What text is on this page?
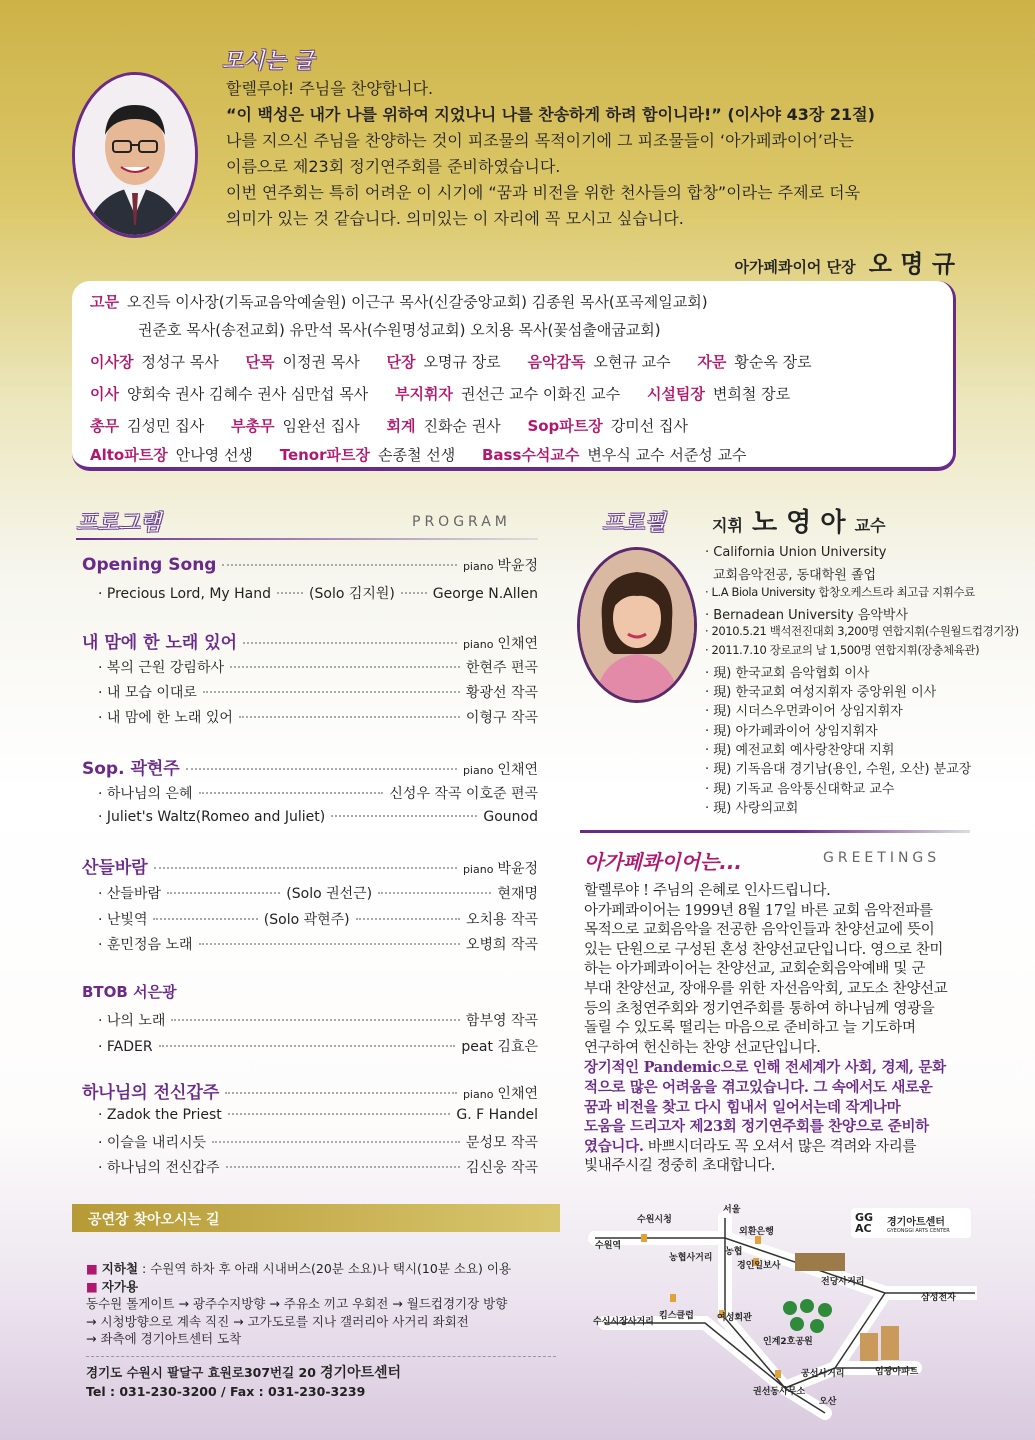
모시는 글

할렐루야! 주님을 찬양합니다.

“이 백성은 내가 나를 위하여 지었나니 나를 찬송하게 하려 함이니라!” (이사야 43장 21절)

나를 지으신 주님을 찬양하는 것이 피조물의 목적이기에 그 피조물들이 ‘아가페콰이어’라는

이름으로 제23회 정기연주회를 준비하였습니다.

이번 연주회는 특히 어려운 이 시기에 “꿈과 비전을 위한 천사들의 합창”이라는 주제로 더욱

의미가 있는 것 같습니다. 의미있는 이 자리에 꼭 모시고 싶습니다.

아가페콰이어 단장 오 명 규
고문 오진득 이사장(기독교음악예술원) 이근구 목사(신갈중앙교회) 김종원 목사(포곡제일교회)
권준호 목사(송전교회) 유만석 목사(수원명성교회) 오치용 목사(꽃섬출애굽교회)
이사장 정성구 목사 단목 이정권 목사 단장 오명규 장로 음악감독 오현규 교수 자문 황순옥 장로
이사 양회숙 권사 김혜수 권사 심만섭 목사 부지휘자 권선근 교수 이화진 교수 시설팀장 변희철 장로
총무 김성민 집사 부총무 임완선 집사 회계 진화순 권사 Sop파트장 강미선 집사
Alto파트장 안나영 선생 Tenor파트장 손종철 선생 Bass수석교수 변우식 교수 서준성 교수
프로그램	PROGRAM
Opening Song	piano 박윤정
· Precious Lord, My Hand	(Solo 김지원)	George N.Allen
내 맘에 한 노래 있어	piano 인채연
· 복의 근원 강림하사	한현주 편곡
· 내 모습 이대로	황광선 작곡
· 내 맘에 한 노래 있어	이형구 작곡
Sop. 곽현주	piano 인채연
· 하나님의 은혜	신성우 작곡 이호준 편곡
· Juliet's Waltz(Romeo and Juliet)	Gounod
산들바람	piano 박윤정
· 산들바람	(Solo 권선근)	현재명
· 난빛역	(Solo 곽현주)	오치용 작곡
· 훈민정음 노래	오병희 작곡
BTOB 서은광
· 나의 노래	함부영 작곡
· FADER	peat 김효은
하나님의 전신갑주	piano 인채연
· Zadok the Priest	G. F Handel
· 이슬을 내리시듯	문성모 작곡
· 하나님의 전신갑주	김신웅 작곡
프로필	지휘 노 영 아 교수
· California Union University
교회음악전공, 동대학원 졸업
· L.A Biola University 합창오케스트라 최고급 지휘수료
· Bernadean University 음악박사
· 2010.5.21 백석전진대회 3,200명 연합지휘(수원월드컵경기장)
· 2011.7.10 장로교의 날 1,500명 연합지휘(장충체육관)
· 現) 한국교회 음악협회 이사
· 現) 한국교회 여성지휘자 중앙위원 이사
· 現) 시더스우먼콰이어 상임지휘자
· 現) 아가페콰이어 상임지휘자
· 現) 예전교회 예사랑찬양대 지휘
· 現) 기독음대 경기남(용인, 수원, 오산) 분교장
· 現) 기독교 음악통신대학교 교수
· 現) 사랑의교회
아가페콰이어는...	GREETINGS

할렐루야 ! 주님의 은혜로 인사드립니다.

아가페콰이어는 1999년 8월 17일 바른 교회 음악전파를

목적으로 교회음악을 전공한 음악인들과 찬양선교에 뜻이

있는 단원으로 구성된 혼성 찬양선교단입니다. 영으로 찬미

하는 아가페콰이어는 찬양선교, 교회순회음악예배 및 군

부대 찬양선교, 장애우를 위한 자선음악회, 교도소 찬양선교

등의 초청연주회와 정기연주회를 통하여 하나님께 영광을

돌릴 수 있도록 떨리는 마음으로 준비하고 늘 기도하며

연구하여 헌신하는 찬양 선교단입니다.

장기적인 Pandemic으로 인해 전세계가 사회, 경제, 문화

적으로 많은 어려움을 겪고있습니다. 그 속에서도 새로운

꿈과 비전을 찾고 다시 힘내서 일어서는데 작게나마

도움을 드리고자 제23회 정기연주회를 찬양으로 준비하

였습니다. 바쁘시더라도 꼭 오셔서 많은 격려와 자리를

빛내주시길 정중히 초대합니다.

공연장 찾아오시는 길
■ 지하철 : 수원역 하차 후 아래 시내버스(20분 소요)나 택시(10분 소요) 이용
■ 자가용
동수원 톨게이트 → 광주수지방향 → 주유소 끼고 우회전 → 월드컵경기장 방향
→ 시청방향으로 계속 직진 → 고가도로를 지나 갤러리아 사거리 좌회전
→ 좌측에 경기아트센터 도착
경기도 수원시 팔달구 효원로307번길 20 경기아트센터
Tel : 031-230-3200 / Fax : 031-230-3239
수원시청
서울
외환은행
수원역
농협사거리
농협
경인일보사
전당사거리
삼성전자
수신시장사거리
킴스클럽	여성회관
인계2호공원
공선사거리	임광아파트
권선동사무소
오산
GG AC	경기아트센터
GYEONGGI ARTS CENTER
